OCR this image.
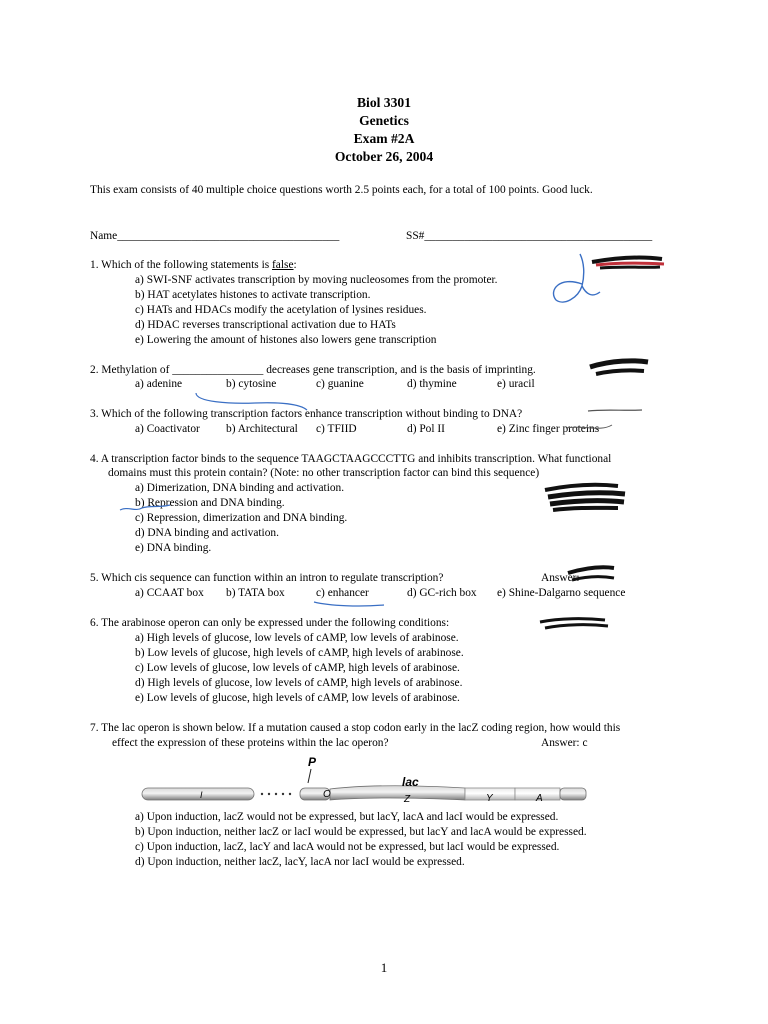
Biol 3301
Genetics
Exam #2A
October 26, 2004
This exam consists of 40 multiple choice questions worth 2.5 points each, for a total of 100 points. Good luck.
Name_______________________________________	SS#________________________________________
1. Which of the following statements is false:
a) SWI-SNF activates transcription by moving nucleosomes from the promoter.
b) HAT acetylates histones to activate transcription.
c) HATs and HDACs modify the acetylation of lysines residues.
d) HDAC reverses transcriptional activation due to HATs
e) Lowering the amount of histones also lowers gene transcription
2. Methylation of ________________ decreases gene transcription, and is the basis of imprinting.
a) adenine	b) cytosine	c) guanine	d) thymine	e) uracil
3. Which of the following transcription factors enhance transcription without binding to DNA?
a) Coactivator b) Architectural c) TFIID	d) Pol II	e) Zinc finger proteins
4. A transcription factor binds to the sequence TAAGCTAAGCCCTTG and inhibits transcription. What functional
domains must this protein contain? (Note: no other transcription factor can bind this sequence)
a) Dimerization, DNA binding and activation.
b) Repression and DNA binding.
c) Repression, dimerization and DNA binding.
d) DNA binding and activation.
e) DNA binding.
5. Which cis sequence can function within an intron to regulate transcription?	Answer:
a) CCAAT box b) TATA box	c) enhancer	d) GC-rich box e) Shine-Dalgarno sequence
6. The arabinose operon can only be expressed under the following conditions:
a) High levels of glucose, low levels of cAMP, low levels of arabinose.
b) Low levels of glucose, high levels of cAMP, high levels of arabinose.
c) Low levels of glucose, low levels of cAMP, high levels of arabinose.
d) High levels of glucose, low levels of cAMP, high levels of arabinose.
e) Low levels of glucose, high levels of cAMP, low levels of arabinose.
7. The lac operon is shown below. If a mutation caused a stop codon early in the lacZ coding region, how would this
effect the expression of these proteins within the lac operon?	Answer: c
P
lac
I	O	Z	Y	A
a) Upon induction, lacZ would not be expressed, but lacY, lacA and lacI would be expressed.
b) Upon induction, neither lacZ or lacI would be expressed, but lacY and lacA would be expressed.
c) Upon induction, lacZ, lacY and lacA would not be expressed, but lacI would be expressed.
d) Upon induction, neither lacZ, lacY, lacA nor lacI would be expressed.
1
